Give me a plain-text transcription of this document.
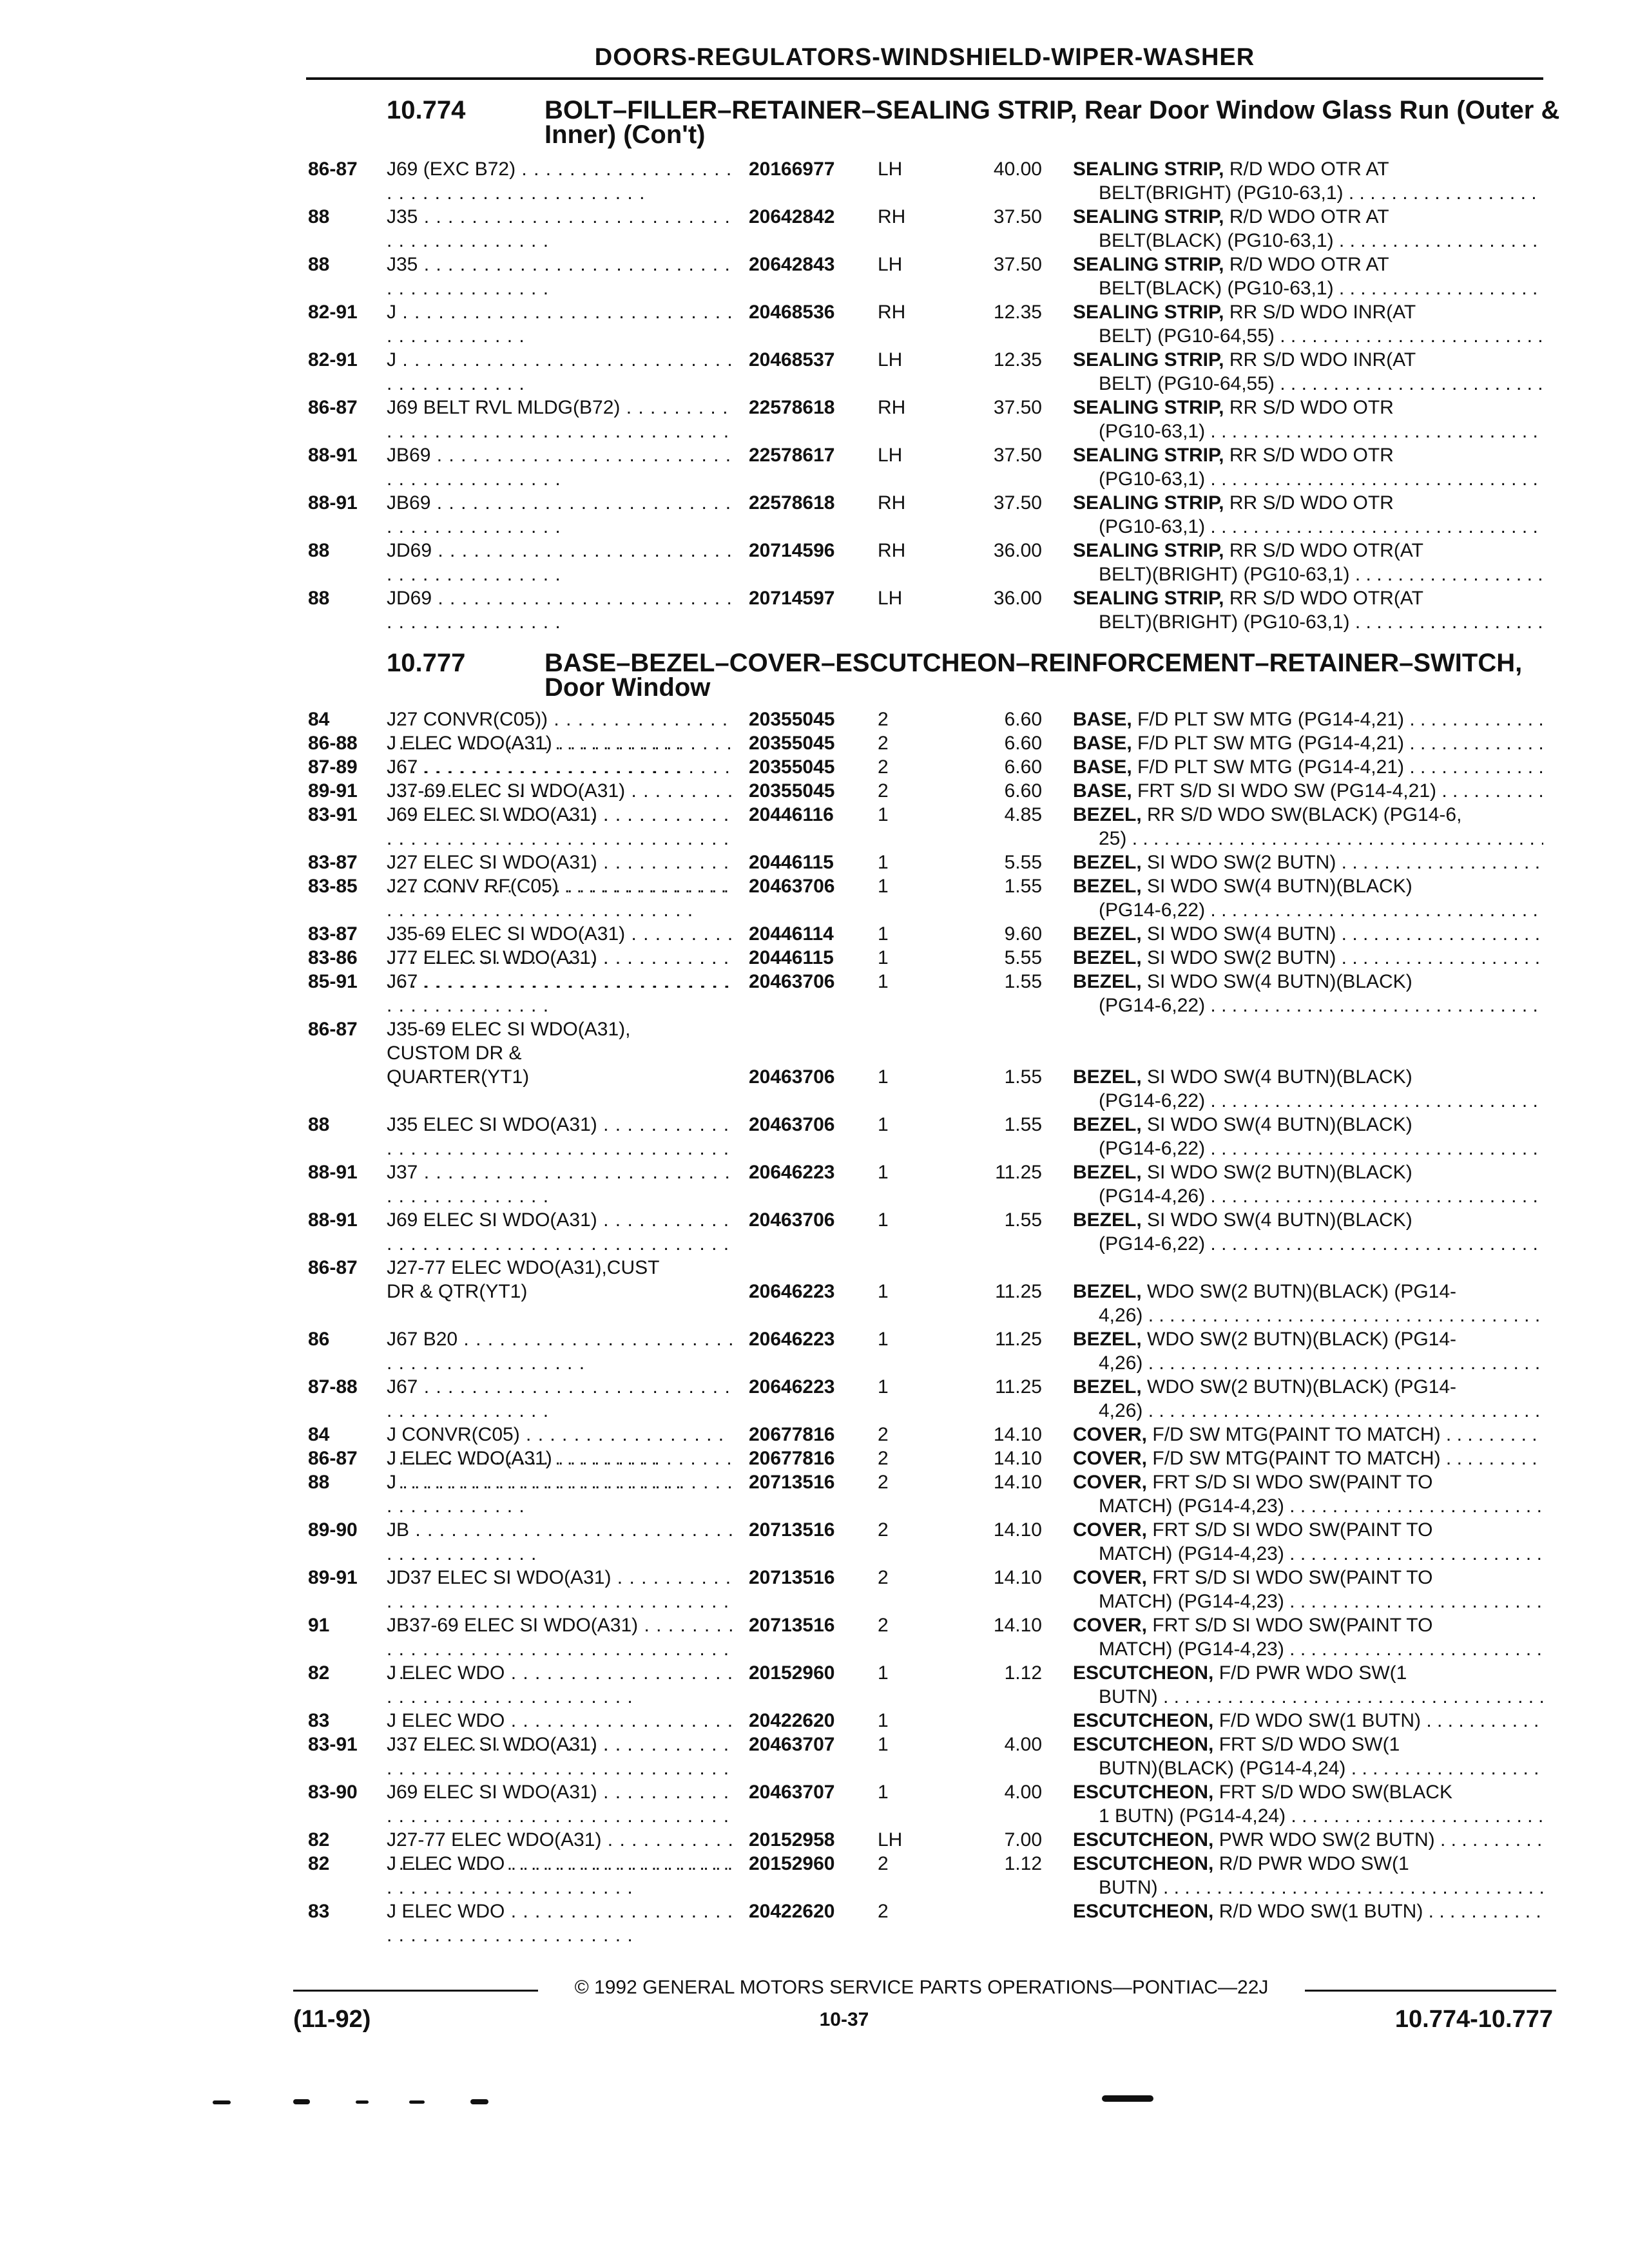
DOORS-REGULATORS-WINDSHIELD-WIPER-WASHER
10.774	BOLT–FILLER–RETAINER–SEALING STRIP, Rear Door Window Glass Run (Outer & Inner) (Con't)
86-87	J69 (EXC B72) . . .	20166977	LH	40.00 SEALING STRIP, R/D WDO OTR AT
BELT(BRIGHT) (PG10-63,1) . . .
88	J35 . . .	20642842	RH	37.50 SEALING STRIP, R/D WDO OTR AT
BELT(BLACK) (PG10-63,1) . . .
88	J35 . . .	20642843	LH	37.50 SEALING STRIP, R/D WDO OTR AT
BELT(BLACK) (PG10-63,1) . . .
82-91	J . . .	20468536	RH	12.35 SEALING STRIP, RR S/D WDO INR(AT
BELT) (PG10-64,55) . . .
82-91	J . . .	20468537	LH	12.35 SEALING STRIP, RR S/D WDO INR(AT
BELT) (PG10-64,55) . . .
86-87	J69 BELT RVL MLDG(B72) . . .	22578618	RH	37.50 SEALING STRIP, RR S/D WDO OTR
(PG10-63,1) . . .
88-91	JB69 . . .	22578617	LH	37.50 SEALING STRIP, RR S/D WDO OTR
(PG10-63,1) . . .
88-91	JB69 . . .	22578618	RH	37.50 SEALING STRIP, RR S/D WDO OTR
(PG10-63,1) . . .
88	JD69 . . .	20714596	RH	36.00 SEALING STRIP, RR S/D WDO OTR(AT
BELT)(BRIGHT) (PG10-63,1) . . .
88	JD69 . . .	20714597	LH	36.00 SEALING STRIP, RR S/D WDO OTR(AT
BELT)(BRIGHT) (PG10-63,1) . . .
10.777	BASE–BEZEL–COVER–ESCUTCHEON–REINFORCEMENT–RETAINER–SWITCH, Door Window
84	J27 CONVR(C05)) . . .	20355045	2	6.60 BASE, F/D PLT SW MTG (PG14-4,21) . . .
86-88	J ELEC WDO(A31) . . .	20355045	2	6.60 BASE, F/D PLT SW MTG (PG14-4,21) . . .
87-89	J67 . . .	20355045	2	6.60 BASE, F/D PLT SW MTG (PG14-4,21) . . .
89-91	J37-69 ELEC SI WDO(A31) . . .	20355045	2	6.60 BASE, FRT S/D SI WDO SW (PG14-4,21) . . .
83-91	J69 ELEC SI WDO(A31) . . .	20446116	1	4.85 BEZEL, RR S/D WDO SW(BLACK) (PG14-6,
25) . . .
83-87	J27 ELEC SI WDO(A31) . . .	20446115	1	5.55 BEZEL, SI WDO SW(2 BUTN) . . .
83-85	J27 CONV RF(C05) . . .	20463706	1	1.55 BEZEL, SI WDO SW(4 BUTN)(BLACK)
(PG14-6,22) . . .
83-87	J35-69 ELEC SI WDO(A31) . . .	20446114	1	9.60 BEZEL, SI WDO SW(4 BUTN) . . .
83-86	J77 ELEC SI WDO(A31) . . .	20446115	1	5.55 BEZEL, SI WDO SW(2 BUTN) . . .
85-91	J67 . . .	20463706	1	1.55 BEZEL, SI WDO SW(4 BUTN)(BLACK)
(PG14-6,22) . . .
86-87	J35-69 ELEC SI WDO(A31),
CUSTOM DR &
QUARTER(YT1)	20463706	1	1.55 BEZEL, SI WDO SW(4 BUTN)(BLACK)
(PG14-6,22) . . .
88	J35 ELEC SI WDO(A31) . . .	20463706	1	1.55 BEZEL, SI WDO SW(4 BUTN)(BLACK)
(PG14-6,22) . . .
88-91	J37 . . .	20646223	1	11.25 BEZEL, SI WDO SW(2 BUTN)(BLACK)
(PG14-4,26) . . .
88-91	J69 ELEC SI WDO(A31) . . .	20463706	1	1.55 BEZEL, SI WDO SW(4 BUTN)(BLACK)
(PG14-6,22) . . .
86-87	J27-77 ELEC WDO(A31),CUST
DR & QTR(YT1)	20646223	1	11.25 BEZEL, WDO SW(2 BUTN)(BLACK) (PG14-
4,26) . . .
86	J67 B20 . . .	20646223	1	11.25 BEZEL, WDO SW(2 BUTN)(BLACK) (PG14-
4,26) . . .
87-88	J67 . . .	20646223	1	11.25 BEZEL, WDO SW(2 BUTN)(BLACK) (PG14-
4,26) . . .
84	J CONVR(C05) . . .	20677816	2	14.10 COVER, F/D SW MTG(PAINT TO MATCH) . . .
86-87	J ELEC WDO(A31) . . .	20677816	2	14.10 COVER, F/D SW MTG(PAINT TO MATCH) . . .
88	J . . .	20713516	2	14.10 COVER, FRT S/D SI WDO SW(PAINT TO
MATCH) (PG14-4,23) . . .
89-90	JB . . .	20713516	2	14.10 COVER, FRT S/D SI WDO SW(PAINT TO
MATCH) (PG14-4,23) . . .
89-91	JD37 ELEC SI WDO(A31) . . .	20713516	2	14.10 COVER, FRT S/D SI WDO SW(PAINT TO
MATCH) (PG14-4,23) . . .
91	JB37-69 ELEC SI WDO(A31) . . .	20713516	2	14.10 COVER, FRT S/D SI WDO SW(PAINT TO
MATCH) (PG14-4,23) . . .
82	J ELEC WDO . . .	20152960	1	1.12 ESCUTCHEON, F/D PWR WDO SW(1
BUTN) . . .
83	J ELEC WDO . . .	20422620	1	ESCUTCHEON, F/D WDO SW(1 BUTN) . . .
83-91	J37 ELEC SI WDO(A31) . . .	20463707	1	4.00 ESCUTCHEON, FRT S/D WDO SW(1
BUTN)(BLACK) (PG14-4,24) . . .
83-90	J69 ELEC SI WDO(A31) . . .	20463707	1	4.00 ESCUTCHEON, FRT S/D WDO SW(BLACK
1 BUTN) (PG14-4,24) . . .
82	J27-77 ELEC WDO(A31) . . .	20152958	LH	7.00 ESCUTCHEON, PWR WDO SW(2 BUTN) . . .
82	J ELEC WDO . . .	20152960	2	1.12 ESCUTCHEON, R/D PWR WDO SW(1
BUTN) . . .
83	J ELEC WDO . . .	20422620	2	ESCUTCHEON, R/D WDO SW(1 BUTN) . . .
© 1992 GENERAL MOTORS SERVICE PARTS OPERATIONS—PONTIAC—22J
(11-92)	10-37	10.774-10.777
